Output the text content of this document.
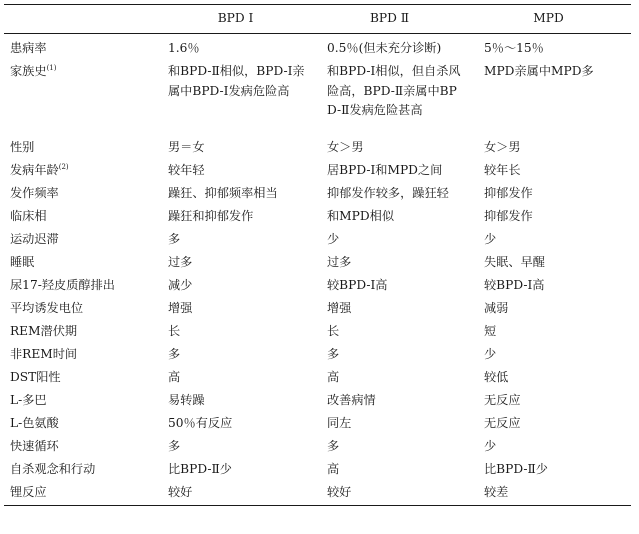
	BPD Ⅰ	BPD Ⅱ	MPD
患病率	1.6％	0.5％(但未充分诊断)	5％～15％
家族史$^{(1)}$	和BPD-Ⅱ相似，BPD-Ⅰ亲属中BPD-Ⅰ发病危险高	和BPD-Ⅰ相似，但自杀风险高，BPD-Ⅱ亲属中BPD-Ⅱ发病危险甚高	MPD亲属中MPD多
性别	男＝女	女＞男	女＞男
发病年龄$^{(2)}$	较年轻	居BPD-Ⅰ和MPD之间	较年长
发作频率	躁狂、抑郁频率相当	抑郁发作较多，躁狂轻	抑郁发作
临床相	躁狂和抑郁发作	和MPD相似	抑郁发作
运动迟滞	多	少	少
睡眠	过多	过多	失眠、早醒
尿17-羟皮质醇排出	减少	较BPD-Ⅰ高	较BPD-Ⅰ高
平均诱发电位	增强	增强	减弱
REM潜伏期	长	长	短
非REM时间	多	多	少
DST阳性	高	高	较低
L-多巴	易转躁	改善病情	无反应
L-色氨酸	50％有反应	同左	无反应
快速循环	多	多	少
自杀观念和行动	比BPD-Ⅱ少	高	比BPD-Ⅱ少
锂反应	较好	较好	较差
